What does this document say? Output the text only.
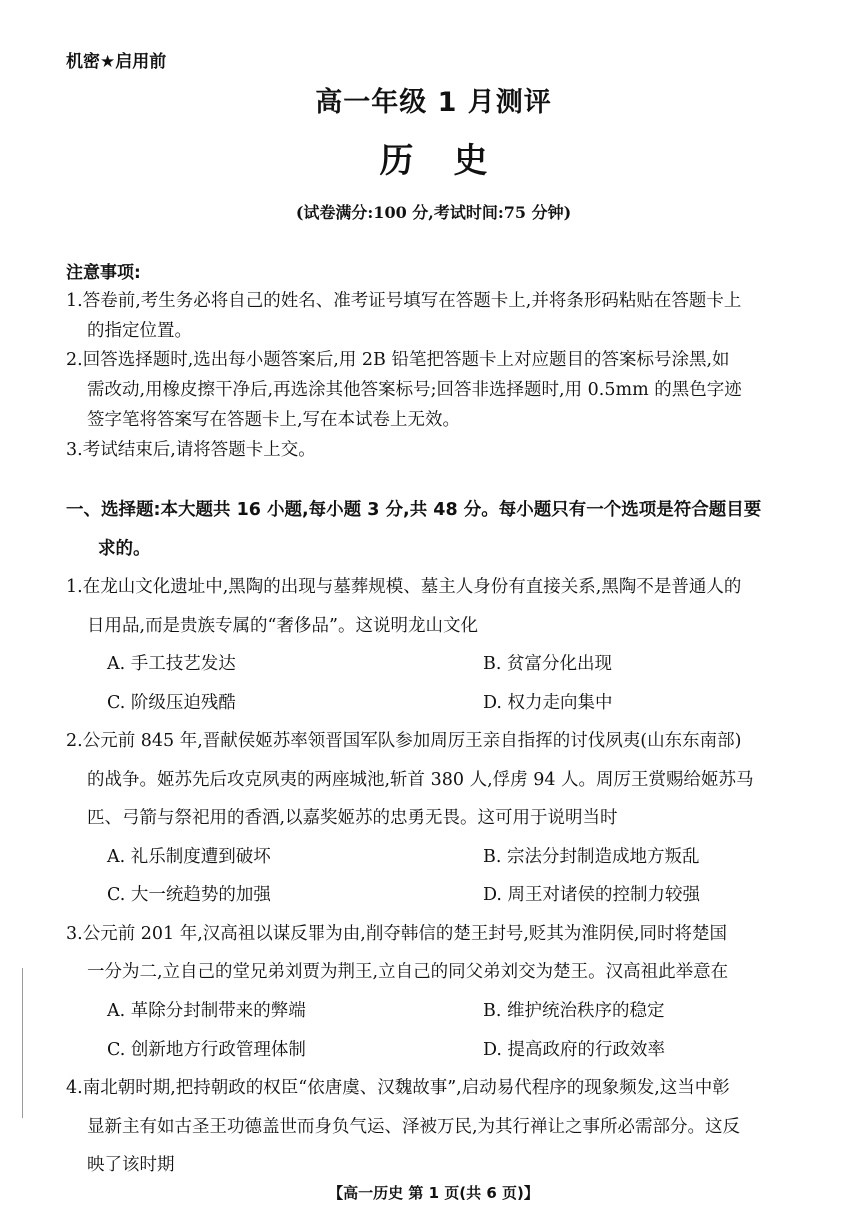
机密★启用前
高一年级 1 月测评
历史
(试卷满分:100 分,考试时间:75 分钟)
注意事项:
1.答卷前,考生务必将自己的姓名、准考证号填写在答题卡上,并将条形码粘贴在答题卡上
的指定位置。
2.回答选择题时,选出每小题答案后,用 2B 铅笔把答题卡上对应题目的答案标号涂黑,如
需改动,用橡皮擦干净后,再选涂其他答案标号;回答非选择题时,用 0.5mm 的黑色字迹
签字笔将答案写在答题卡上,写在本试卷上无效。
3.考试结束后,请将答题卡上交。
一、选择题:本大题共 16 小题,每小题 3 分,共 48 分。每小题只有一个选项是符合题目要
求的。
1.在龙山文化遗址中,黑陶的出现与墓葬规模、墓主人身份有直接关系,黑陶不是普通人的
日用品,而是贵族专属的“奢侈品”。这说明龙山文化
A. 手工技艺发达	B. 贫富分化出现
C. 阶级压迫残酷	D. 权力走向集中
2.公元前 845 年,晋献侯姬苏率领晋国军队参加周厉王亲自指挥的讨伐夙夷(山东东南部)
的战争。姬苏先后攻克夙夷的两座城池,斩首 380 人,俘虏 94 人。周厉王赏赐给姬苏马
匹、弓箭与祭祀用的香酒,以嘉奖姬苏的忠勇无畏。这可用于说明当时
A. 礼乐制度遭到破坏	B. 宗法分封制造成地方叛乱
C. 大一统趋势的加强	D. 周王对诸侯的控制力较强
3.公元前 201 年,汉高祖以谋反罪为由,削夺韩信的楚王封号,贬其为淮阴侯,同时将楚国
一分为二,立自己的堂兄弟刘贾为荆王,立自己的同父弟刘交为楚王。汉高祖此举意在
A. 革除分封制带来的弊端	B. 维护统治秩序的稳定
C. 创新地方行政管理体制	D. 提高政府的行政效率
4.南北朝时期,把持朝政的权臣“依唐虞、汉魏故事”,启动易代程序的现象频发,这当中彰
显新主有如古圣王功德盖世而身负气运、泽被万民,为其行禅让之事所必需部分。这反
映了该时期
【高一历史 第 1 页(共 6 页)】
